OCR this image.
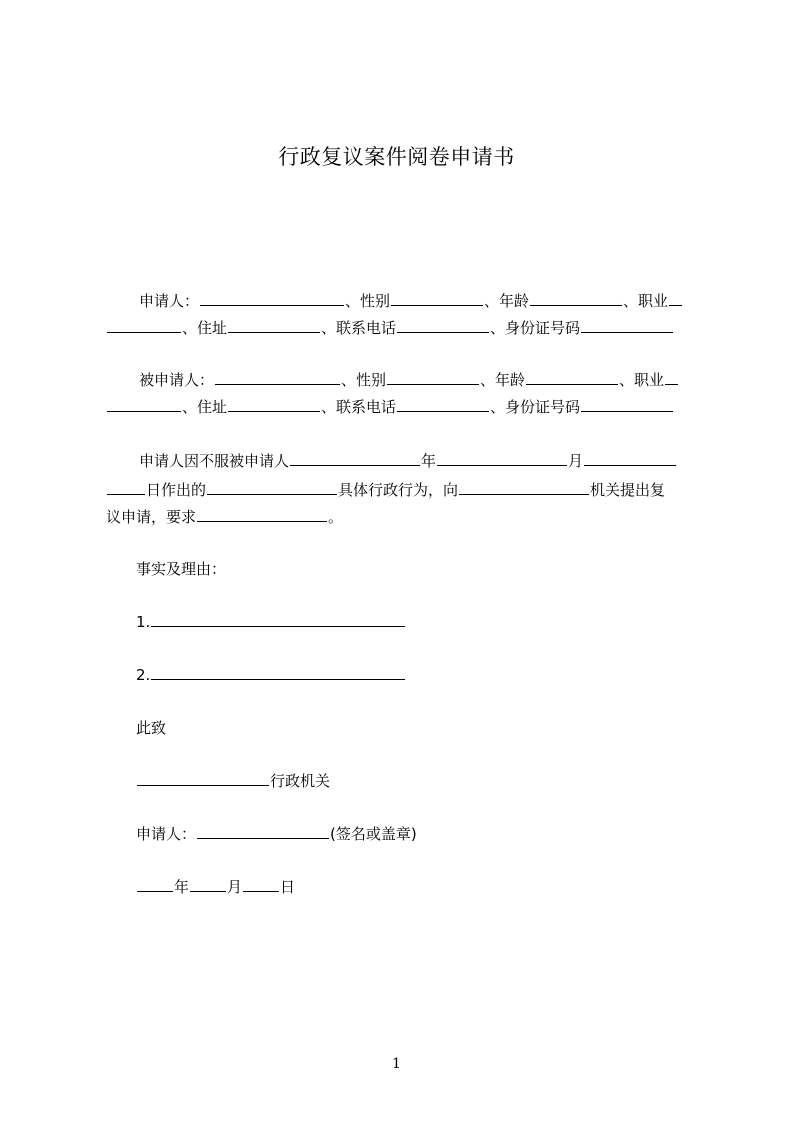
行政复议案件阅卷申请书
申请人：	、性别	、年龄	、职业
、住址	、联系电话	、身份证号码
被申请人：	、性别	、年龄	、职业
、住址	、联系电话	、身份证号码
申请人因不服被申请人	年	月
日作出的	具体行政行为，向	机关提出复
议申请，要求	。
事实及理由：
1.
2.
此致
行政机关
申请人：	(签名或盖章)
年	月	日
1
